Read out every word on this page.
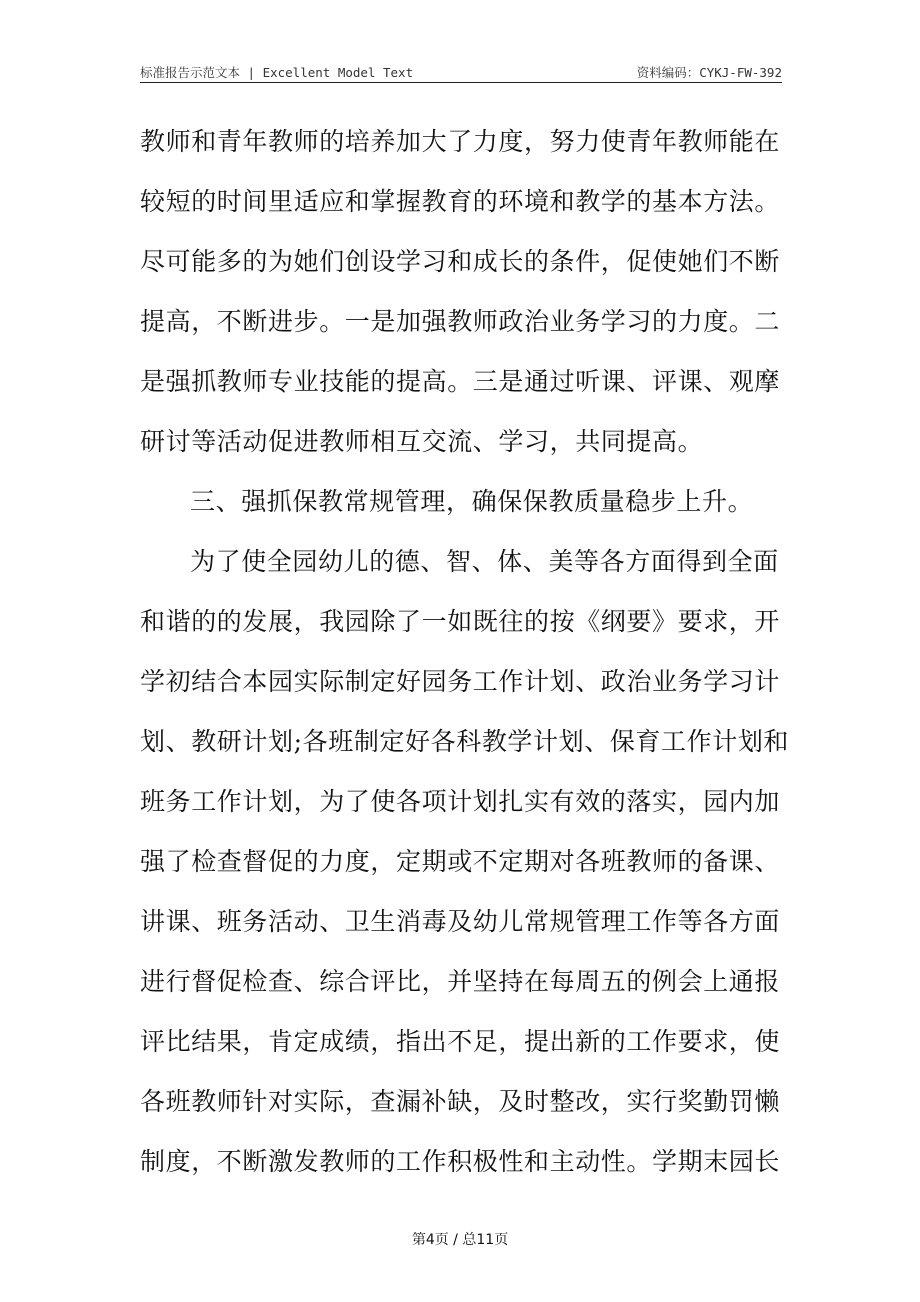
标准报告示范文本 | Excellent Model Text	资料编码：CYKJ-FW-392
教师和青年教师的培养加大了力度，努力使青年教师能在
较短的时间里适应和掌握教育的环境和教学的基本方法。
尽可能多的为她们创设学习和成长的条件，促使她们不断
提高，不断进步。一是加强教师政治业务学习的力度。二
是强抓教师专业技能的提高。三是通过听课、评课、观摩
研讨等活动促进教师相互交流、学习，共同提高。
三、强抓保教常规管理，确保保教质量稳步上升。
为了使全园幼儿的德、智、体、美等各方面得到全面
和谐的的发展，我园除了一如既往的按《纲要》要求，开
学初结合本园实际制定好园务工作计划、政治业务学习计
划、教研计划;各班制定好各科教学计划、保育工作计划和
班务工作计划，为了使各项计划扎实有效的落实，园内加
强了检查督促的力度，定期或不定期对各班教师的备课、
讲课、班务活动、卫生消毒及幼儿常规管理工作等各方面
进行督促检查、综合评比，并坚持在每周五的例会上通报
评比结果，肯定成绩，指出不足，提出新的工作要求，使
各班教师针对实际，查漏补缺，及时整改，实行奖勤罚懒
制度，不断激发教师的工作积极性和主动性。学期末园长
第4页 / 总11页
